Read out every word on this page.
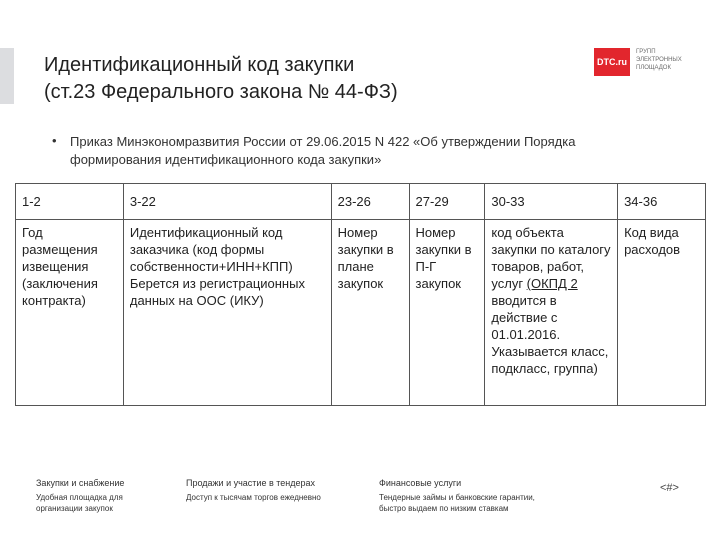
Идентификационный код закупки
(ст.23 Федерального закона № 44-ФЗ)
DTC.ru
ГРУПП
ЭЛЕКТРОННЫХ
ПЛОЩАДОК
• Приказ Минэкономразвития России от 29.06.2015 N 422 «Об утверждении Порядка формирования идентификационного кода закупки»
1-2	3-22	23-26	27-29	30-33	34-36
Год размещения извещения (заключения контракта)	Идентификационный код заказчика (код формы собственности+ИНН+КПП) Берется из регистрационных данных на ООС (ИКУ)	Номер закупки в плане закупок	Номер закупки в П-Г закупок	код объекта закупки по каталогу товаров, работ, услуг (ОКПД 2 вводится в действие с 01.01.2016. Указывается класс, подкласс, группа)	Код вида расходов
Закупки и снабжение
Удобная площадка для
организации закупок
Продажи и участие в тендерах
Доступ к тысячам торгов ежедневно
Финансовые услуги
Тендерные займы и банковские гарантии,
быстро выдаем по низким ставкам
<#>
